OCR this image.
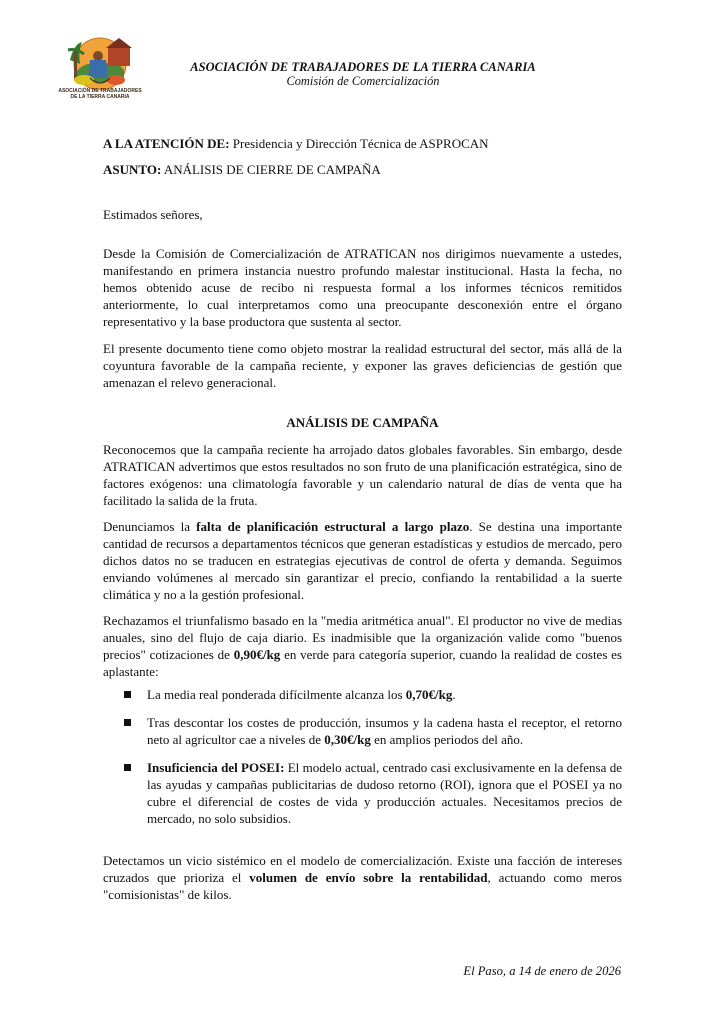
ASOCIACIÓN DE TRABAJADORES
DE LA TIERRA CANARIA
ASOCIACIÓN DE TRABAJADORES DE LA TIERRA CANARIA
Comisión de Comercialización
A LA ATENCIÓN DE: Presidencia y Dirección Técnica de ASPROCAN
ASUNTO: ANÁLISIS DE CIERRE DE CAMPAÑA
Estimados señores,
Desde la Comisión de Comercialización de ATRATICAN nos dirigimos nuevamente a ustedes, manifestando en primera instancia nuestro profundo malestar institucional. Hasta la fecha, no hemos obtenido acuse de recibo ni respuesta formal a los informes técnicos remitidos anteriormente, lo cual interpretamos como una preocupante desconexión entre el órgano representativo y la base productora que sustenta al sector.
El presente documento tiene como objeto mostrar la realidad estructural del sector, más allá de la coyuntura favorable de la campaña reciente, y exponer las graves deficiencias de gestión que amenazan el relevo generacional.
ANÁLISIS DE CAMPAÑA
Reconocemos que la campaña reciente ha arrojado datos globales favorables. Sin embargo, desde ATRATICAN advertimos que estos resultados no son fruto de una planificación estratégica, sino de factores exógenos: una climatología favorable y un calendario natural de días de venta que ha facilitado la salida de la fruta.
Denunciamos la falta de planificación estructural a largo plazo. Se destina una importante cantidad de recursos a departamentos técnicos que generan estadísticas y estudios de mercado, pero dichos datos no se traducen en estrategias ejecutivas de control de oferta y demanda. Seguimos enviando volúmenes al mercado sin garantizar el precio, confiando la rentabilidad a la suerte climática y no a la gestión profesional.
Rechazamos el triunfalismo basado en la "media aritmética anual". El productor no vive de medias anuales, sino del flujo de caja diario. Es inadmisible que la organización valide como "buenos precios" cotizaciones de 0,90€/kg en verde para categoría superior, cuando la realidad de costes es aplastante:
La media real ponderada difícilmente alcanza los 0,70€/kg.
Tras descontar los costes de producción, insumos y la cadena hasta el receptor, el retorno neto al agricultor cae a niveles de 0,30€/kg en amplios periodos del año.
Insuficiencia del POSEI: El modelo actual, centrado casi exclusivamente en la defensa de las ayudas y campañas publicitarias de dudoso retorno (ROI), ignora que el POSEI ya no cubre el diferencial de costes de vida y producción actuales. Necesitamos precios de mercado, no solo subsidios.
Detectamos un vicio sistémico en el modelo de comercialización. Existe una facción de intereses cruzados que prioriza el volumen de envío sobre la rentabilidad, actuando como meros "comisionistas" de kilos.
El Paso, a 14 de enero de 2026
